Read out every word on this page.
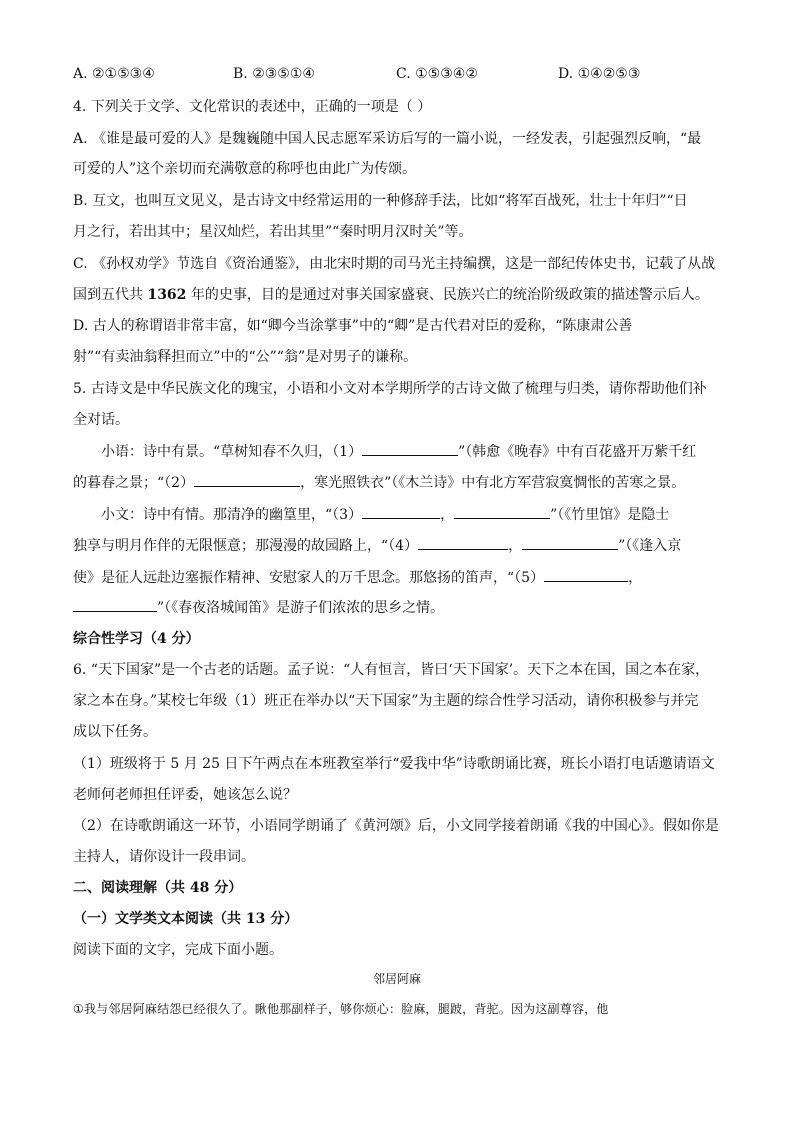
A. ②①⑤③④	B. ②③⑤①④	C. ①⑤③④②	D. ①④②⑤③
4. 下列关于文学、文化常识的表述中，正确的一项是（ ）
A. 《谁是最可爱的人》是魏巍随中国人民志愿军采访后写的一篇小说，一经发表，引起强烈反响，“最
可爱的人”这个亲切而充满敬意的称呼也由此广为传颂。
B. 互文，也叫互文见义，是古诗文中经常运用的一种修辞手法，比如“将军百战死，壮士十年归”“日
月之行，若出其中；星汉灿烂，若出其里”“秦时明月汉时关”等。
C. 《孙权劝学》节选自《资治通鉴》，由北宋时期的司马光主持编撰，这是一部纪传体史书，记载了从战
国到五代共 1362 年的史事，目的是通过对事关国家盛衰、民族兴亡的统治阶级政策的描述警示后人。
D. 古人的称谓语非常丰富，如“卿今当涂掌事”中的“卿”是古代君对臣的爱称，“陈康肃公善
射”“有卖油翁释担而立”中的“公”“翁”是对男子的谦称。
5. 古诗文是中华民族文化的瑰宝，小语和小文对本学期所学的古诗文做了梳理与归类，请你帮助他们补
全对话。
小语：诗中有景。“草树知春不久归，（1）	”（韩愈《晚春》中有百花盛开万紫千红
的暮春之景；“（2）	，寒光照铁衣”（《木兰诗》中有北方军营寂寞惆怅的苦寒之景。
小文：诗中有情。那清净的幽篁里，“（3）	，	”（《竹里馆》是隐士
独享与明月作伴的无限惬意；那漫漫的故园路上，“（4）	，	”（《逢入京
使》是征人远赴边塞振作精神、安慰家人的万千思念。那悠扬的笛声，“（5）	，
”（《春夜洛城闻笛》是游子们浓浓的思乡之情。
综合性学习（4 分）
6. “天下国家”是一个古老的话题。孟子说：“人有恒言，皆曰‘天下国家’。天下之本在国，国之本在家，
家之本在身。”某校七年级（1）班正在举办以“天下国家”为主题的综合性学习活动，请你积极参与并完
成以下任务。
（1）班级将于 5 月 25 日下午两点在本班教室举行“爱我中华”诗歌朗诵比赛，班长小语打电话邀请语文
老师何老师担任评委，她该怎么说？
（2）在诗歌朗诵这一环节，小语同学朗诵了《黄河颂》后，小文同学接着朗诵《我的中国心》。假如你是
主持人，请你设计一段串词。
二、阅读理解（共 48 分）
（一）文学类文本阅读（共 13 分）
阅读下面的文字，完成下面小题。
邻居阿麻
①我与邻居阿麻结怨已经很久了。瞅他那副样子，够你烦心：脸麻，腿跛，背驼。因为这副尊容，他
